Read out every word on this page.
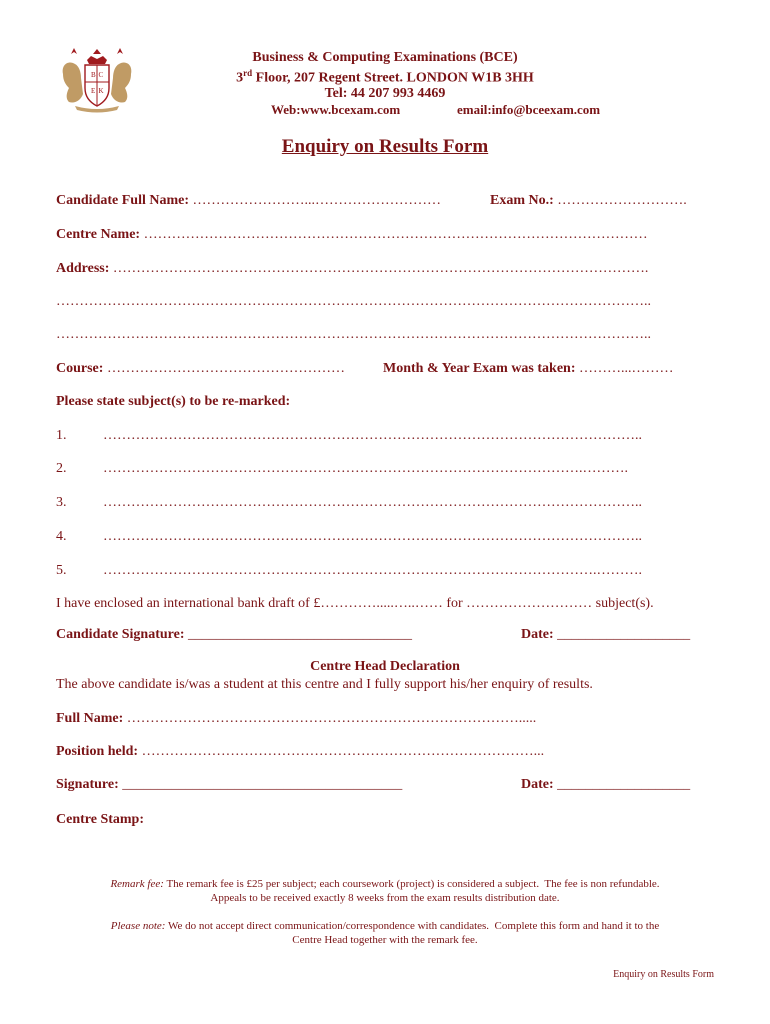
B C
E K
Business & Computing Examinations (BCE)
3rd Floor, 207 Regent Street. LONDON W1B 3HH
Tel: 44 207 993 4469
Web:www.bcexam.com	email:info@bceexam.com
Enquiry on Results Form
Candidate Full Name: ……………………...………………………	Exam No.: ……………………….
Centre Name: ………………………………………………………………………………………………
Address: …………………………………………………………………………………………………….
………………………………………………………………………………………………………………..
………………………………………………………………………………………………………………..
Course: ……………………………………………	Month & Year Exam was taken: ………...………
Please state subject(s) to be re-marked:
1.	……………………………………………………………………………………………………..
2.	………………………………………………………………………………………….……….
3.	……………………………………………………………………………………………………..
4.	……………………………………………………………………………………………………..
5.	…………………………………………………………………………………………….……….
I have enclosed an international bank draft of £………….....…..…… for ……………………… subject(s).
Candidate Signature: ________________________________	Date: ___________________
Centre Head Declaration
The above candidate is/was a student at this centre and I fully support his/her enquiry of results.
Full Name: ………………………………………………………………………….....
Position held: …………………………………………………………………………...
Signature: ________________________________________	Date: ___________________
Centre Stamp:
Remark fee: The remark fee is £25 per subject; each coursework (project) is considered a subject.  The fee is non refundable.
Appeals to be received exactly 8 weeks from the exam results distribution date.
Please note: We do not accept direct communication/correspondence with candidates.  Complete this form and hand it to the
Centre Head together with the remark fee.
Enquiry on Results Form
